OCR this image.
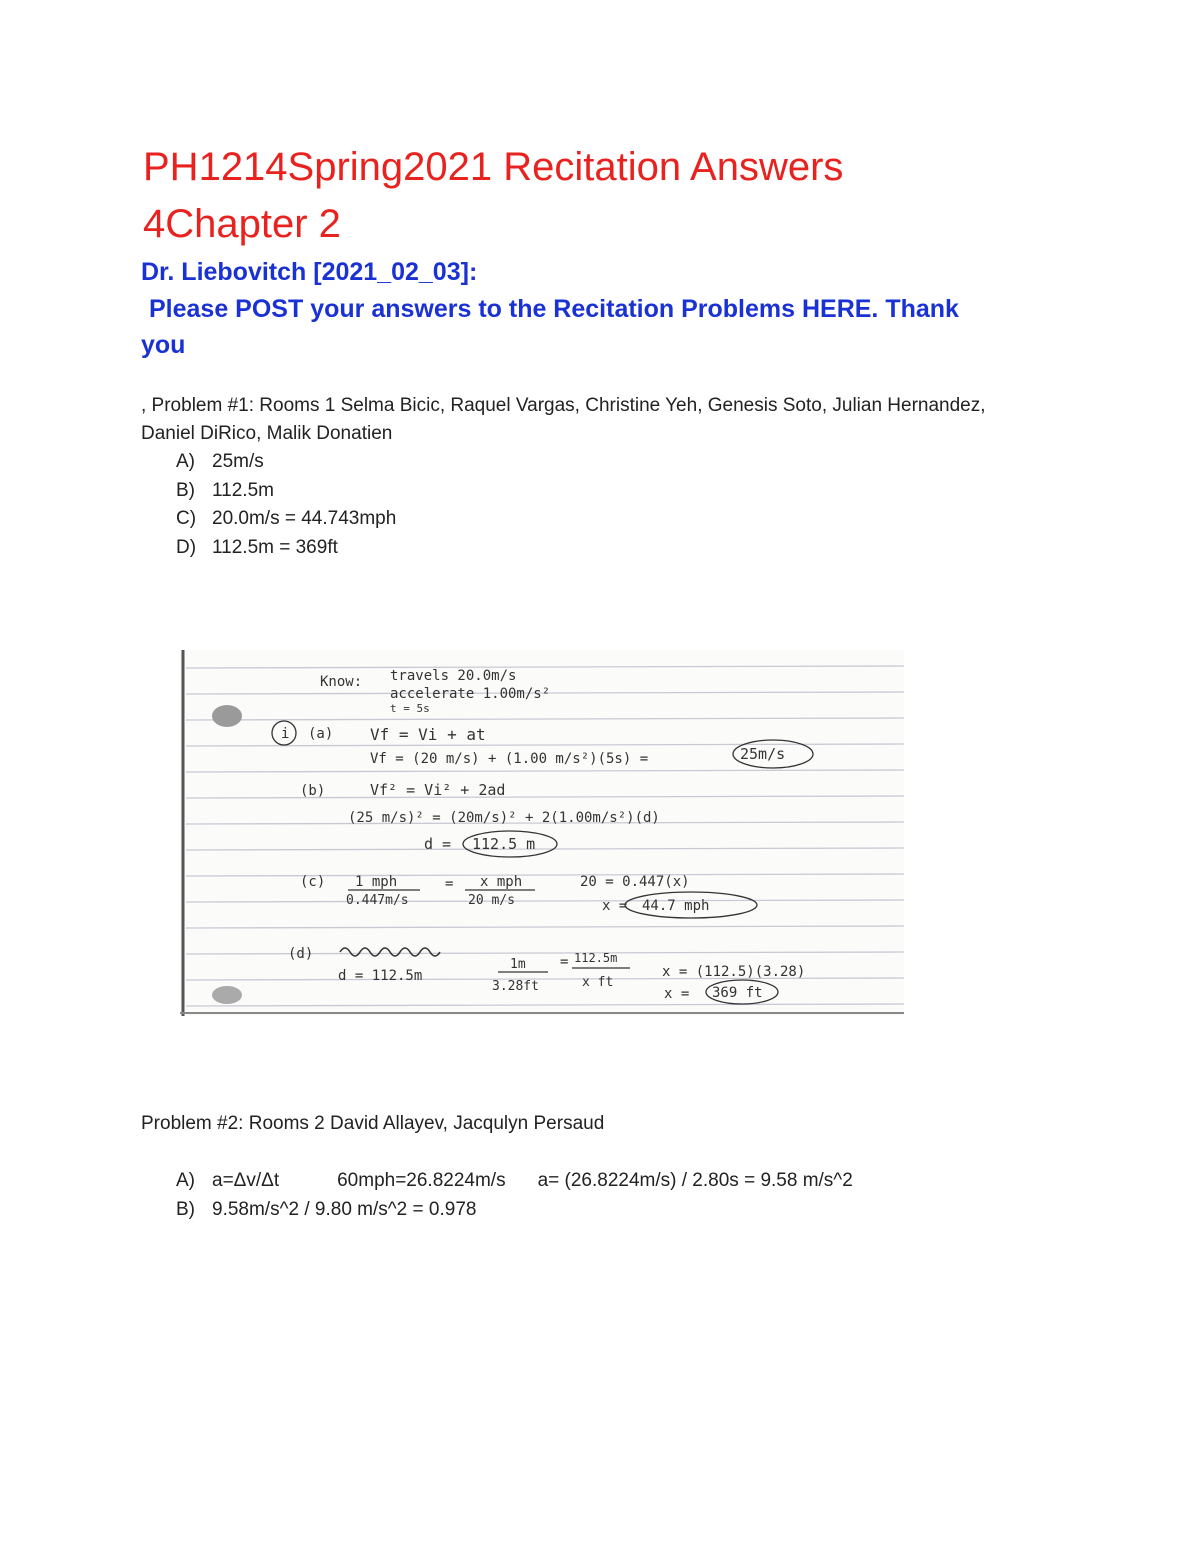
PH1214Spring2021 Recitation Answers
4Chapter 2
Dr. Liebovitch [2021_02_03]:
Please POST your answers to the Recitation Problems HERE. Thank
you
, Problem #1: Rooms 1 Selma Bicic, Raquel Vargas, Christine Yeh, Genesis Soto, Julian Hernandez, Daniel DiRico, Malik Donatien
A) 25m/s
B) 112.5m
C) 20.0m/s = 44.743mph
D) 112.5m = 369ft
Know: travels 20.0m/s
accelerate 1.00m/s²
t = 5s
i (a) Vf = Vi + at
Vf = (20 m/s) + (1.00 m/s²)(5s) =	25m/s
(b)	Vf² = Vi² + 2ad
(25 m/s)² = (20m/s)² + 2(1.00m/s²)(d)
d = 112.5 m
(c) 1 mph
0.447m/s
= x mph
20 m/s
20 = 0.447(x)
x = 44.7 mph
(d)
d = 112.5m
1m
3.28ft
= 112.5m
x ft
x = (112.5)(3.28)
x = 369 ft
Problem #2: Rooms 2 David Allayev, Jacqulyn Persaud
A) a=Δv/Δt	60mph=26.8224m/s a= (26.8224m/s) / 2.80s = 9.58 m/s^2
B) 9.58m/s^2 / 9.80 m/s^2 = 0.978
